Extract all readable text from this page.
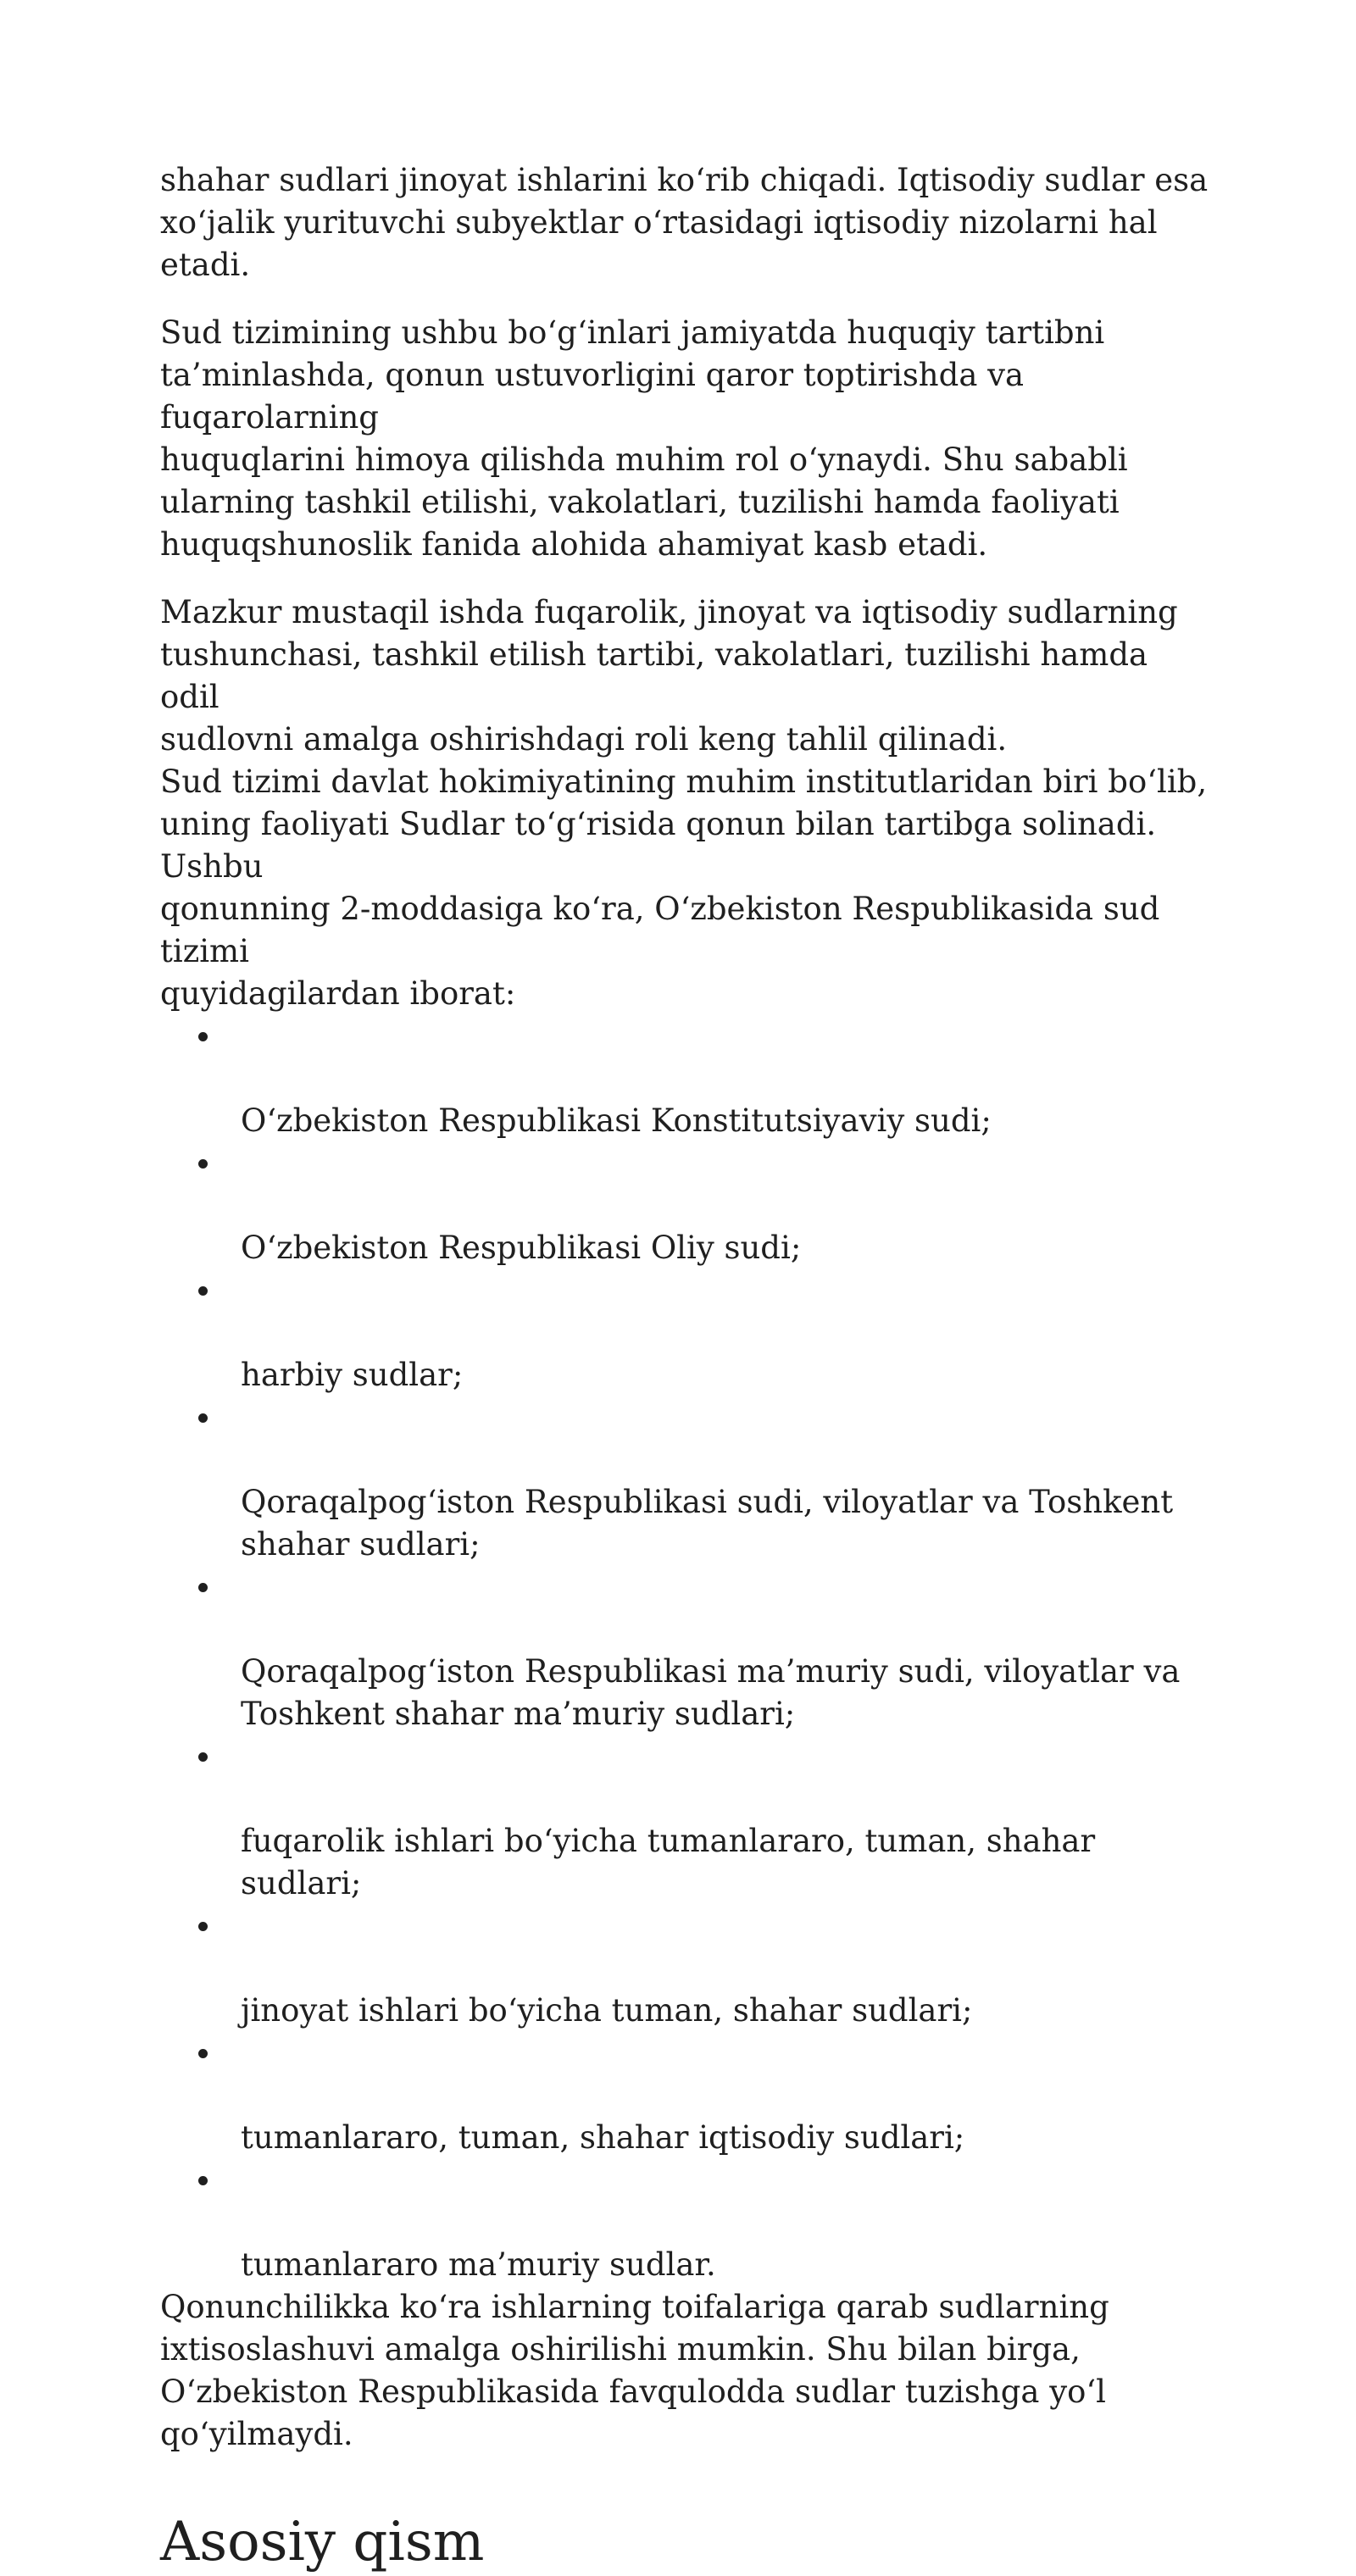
shahar sudlari jinoyat ishlarini ko‘rib chiqadi. Iqtisodiy sudlar esa
xo‘jalik yurituvchi subyektlar o‘rtasidagi iqtisodiy nizolarni hal etadi.

Sud tizimining ushbu bo‘g‘inlari jamiyatda huquqiy tartibni
ta’minlashda, qonun ustuvorligini qaror toptirishda va fuqarolarning
huquqlarini himoya qilishda muhim rol o‘ynaydi. Shu sababli
ularning tashkil etilishi, vakolatlari, tuzilishi hamda faoliyati
huquqshunoslik fanida alohida ahamiyat kasb etadi.

Mazkur mustaqil ishda fuqarolik, jinoyat va iqtisodiy sudlarning
tushunchasi, tashkil etilish tartibi, vakolatlari, tuzilishi hamda odil
sudlovni amalga oshirishdagi roli keng tahlil qilinadi.

Sud tizimi davlat hokimiyatining muhim institutlaridan biri bo‘lib,
uning faoliyati Sudlar to‘g‘risida qonun bilan tartibga solinadi. Ushbu
qonunning 2-moddasiga ko‘ra, O‘zbekiston Respublikasida sud tizimi
quyidagilardan iborat:

O‘zbekiston Respublikasi Konstitutsiyaviy sudi;

O‘zbekiston Respublikasi Oliy sudi;

harbiy sudlar;

Qoraqalpog‘iston Respublikasi sudi, viloyatlar va Toshkent
shahar sudlari;

Qoraqalpog‘iston Respublikasi ma’muriy sudi, viloyatlar va
Toshkent shahar ma’muriy sudlari;

fuqarolik ishlari bo‘yicha tumanlararo, tuman, shahar sudlari;

jinoyat ishlari bo‘yicha tuman, shahar sudlari;

tumanlararo, tuman, shahar iqtisodiy sudlari;

tumanlararo ma’muriy sudlar.

Qonunchilikka ko‘ra ishlarning toifalariga qarab sudlarning
ixtisoslashuvi amalga oshirilishi mumkin. Shu bilan birga,
O‘zbekiston Respublikasida favqulodda sudlar tuzishga yo‘l
qo‘yilmaydi.

Asosiy qism
